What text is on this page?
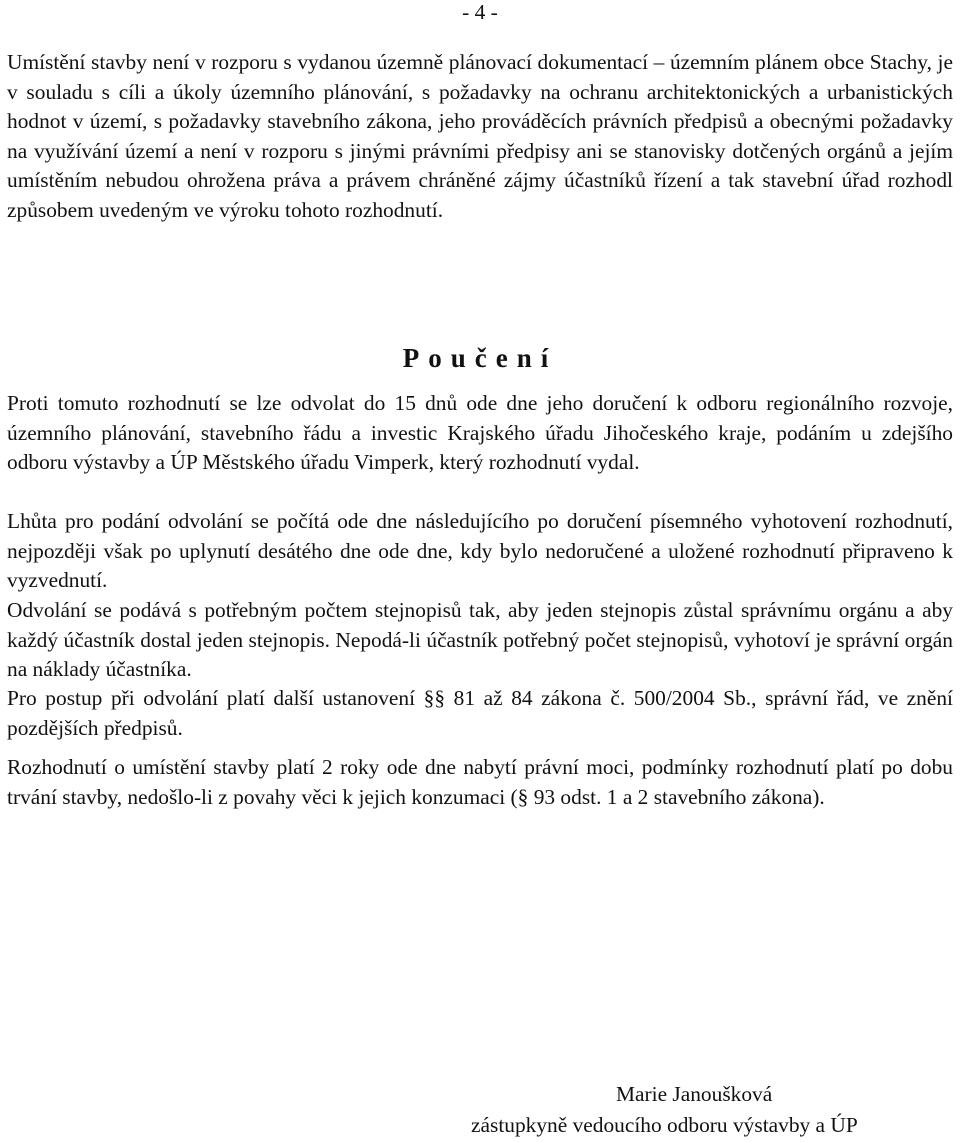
- 4 -

Umístění stavby není v rozporu s vydanou územně plánovací dokumentací – územním plánem obce Stachy, je v souladu s cíli a úkoly územního plánování, s požadavky na ochranu architektonických a urbanistických hodnot v území, s požadavky stavebního zákona, jeho prováděcích právních předpisů a obecnými požadavky na využívání území a není v rozporu s jinými právními předpisy ani se stanovisky dotčených orgánů a jejím umístěním nebudou ohrožena práva a právem chráněné zájmy účastníků řízení a tak stavební úřad rozhodl způsobem uvedeným ve výroku tohoto rozhodnutí.

Poučení

Proti tomuto rozhodnutí se lze odvolat do 15 dnů ode dne jeho doručení k odboru regionálního rozvoje, územního plánování, stavebního řádu a investic Krajského úřadu Jihočeského kraje, podáním u zdejšího odboru výstavby a ÚP Městského úřadu Vimperk, který rozhodnutí vydal.

Lhůta pro podání odvolání se počítá ode dne následujícího po doručení písemného vyhotovení rozhodnutí, nejpozději však po uplynutí desátého dne ode dne, kdy bylo nedoručené a uložené rozhodnutí připraveno k vyzvednutí.

Odvolání se podává s potřebným počtem stejnopisů tak, aby jeden stejnopis zůstal správnímu orgánu a aby každý účastník dostal jeden stejnopis. Nepodá-li účastník potřebný počet stejnopisů, vyhotoví je správní orgán na náklady účastníka.

Pro postup při odvolání platí další ustanovení §§ 81 až 84 zákona č. 500/2004 Sb., správní řád, ve znění pozdějších předpisů.

Rozhodnutí o umístění stavby platí 2 roky ode dne nabytí právní moci, podmínky rozhodnutí platí po dobu trvání stavby, nedošlo-li z povahy věci k jejich konzumaci (§ 93 odst. 1 a 2 stavebního zákona).

Marie Janoušková
zástupkyně vedoucího odboru výstavby a ÚP
